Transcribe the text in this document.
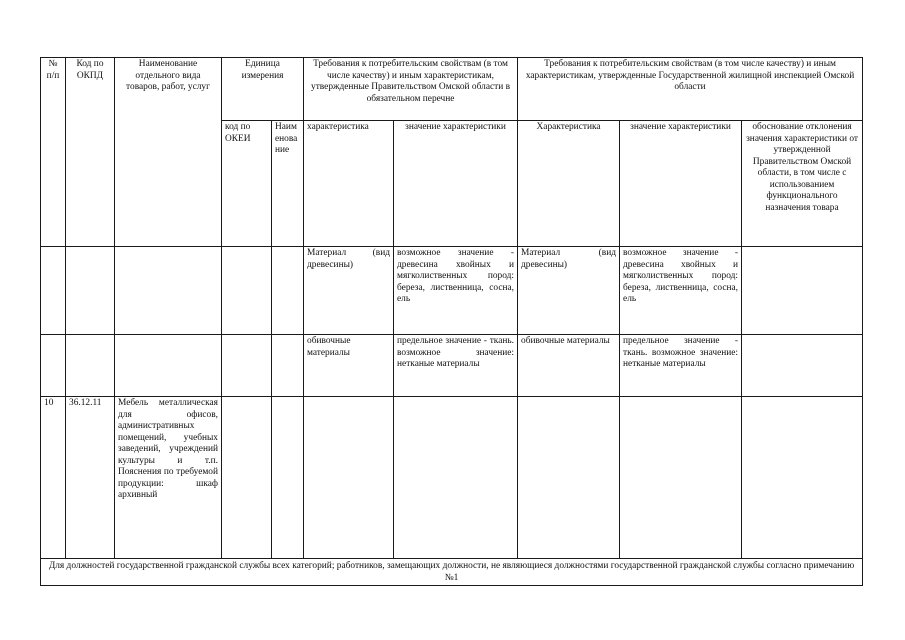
№ п/п	Код по ОКПД	Наименование отдельного вида товаров, работ, услуг	Единица измерения		Требования к потребительским свойствам (в том числе качеству) и иным характеристикам, утвержденные Правительством Омской области в обязательном перечне		Требования к потребительским свойствам (в том числе качеству) и иным характеристикам, утвержденные Государственной жилищной инспекцией Омской области		
			код по ОКЕИ	Наим енова ние	характеристика	значение характеристики	Характеристика	значение характеристики	обоснование отклонения значения характеристики от утвержденной Правительством Омской области, в том числе с использованием функционального назначения товара
					Материал (вид древесины)	возможное значение - древесина хвойных и мягколиственных пород: береза, лиственница, сосна, ель	Материал (вид древесины)	возможное значение - древесина хвойных и мягколиственных пород: береза, лиственница, сосна, ель	
					обивочные материалы	предельное значение - ткань. возможное значение: нетканые материалы	обивочные материалы	предельное значение - ткань. возможное значение: нетканые материалы	
10	36.12.11	Мебель металлическая для офисов, административных помещений, учебных заведений, учреждений культуры и т.п. Пояснения по требуемой продукции: шкаф архивный							
Для должностей государственной гражданской службы всех категорий; работников, замещающих должности, не являющиеся должностями государственной гражданской службы согласно примечанию №1									
